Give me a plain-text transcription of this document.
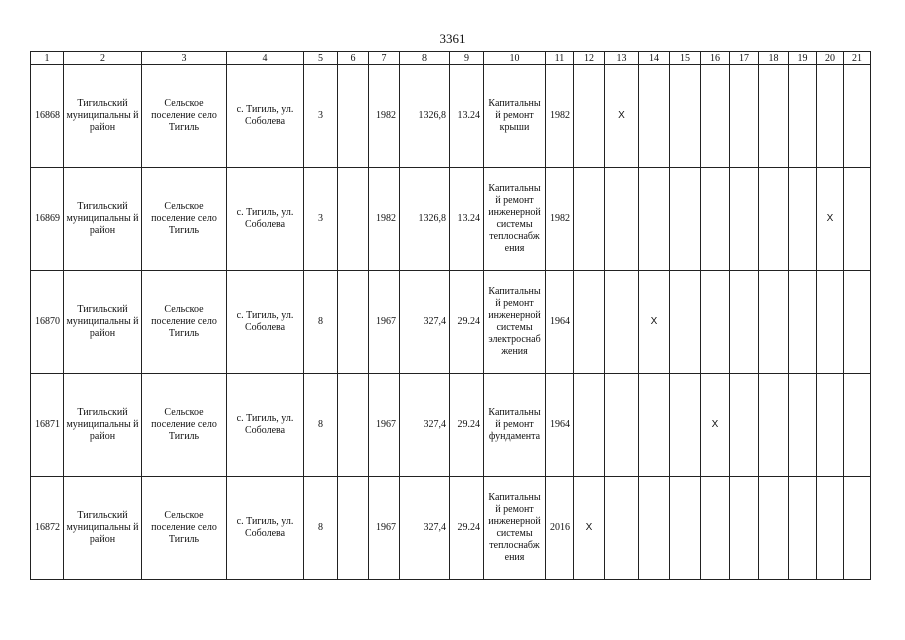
3361
1	2	3	4	5	6	7	8	9	10	11	12	13	14	15	16	17	18	19	20	21
16868	Тигильский муниципальны й район	Сельское поселение село Тигиль	с. Тигиль, ул. Соболева	3		1982	1326,8	13.24	Капитальны й ремонт крыши	1982		X								
16869	Тигильский муниципальны й район	Сельское поселение село Тигиль	с. Тигиль, ул. Соболева	3		1982	1326,8	13.24	Капитальны й ремонт инженерной системы теплоснабж ения	1982									X	
16870	Тигильский муниципальны й район	Сельское поселение село Тигиль	с. Тигиль, ул. Соболева	8		1967	327,4	29.24	Капитальны й ремонт инженерной системы электроснаб жения	1964			X							
16871	Тигильский муниципальны й район	Сельское поселение село Тигиль	с. Тигиль, ул. Соболева	8		1967	327,4	29.24	Капитальны й ремонт фундамента	1964					X					
16872	Тигильский муниципальны й район	Сельское поселение село Тигиль	с. Тигиль, ул. Соболева	8		1967	327,4	29.24	Капитальны й ремонт инженерной системы теплоснабж ения	2016	X									
